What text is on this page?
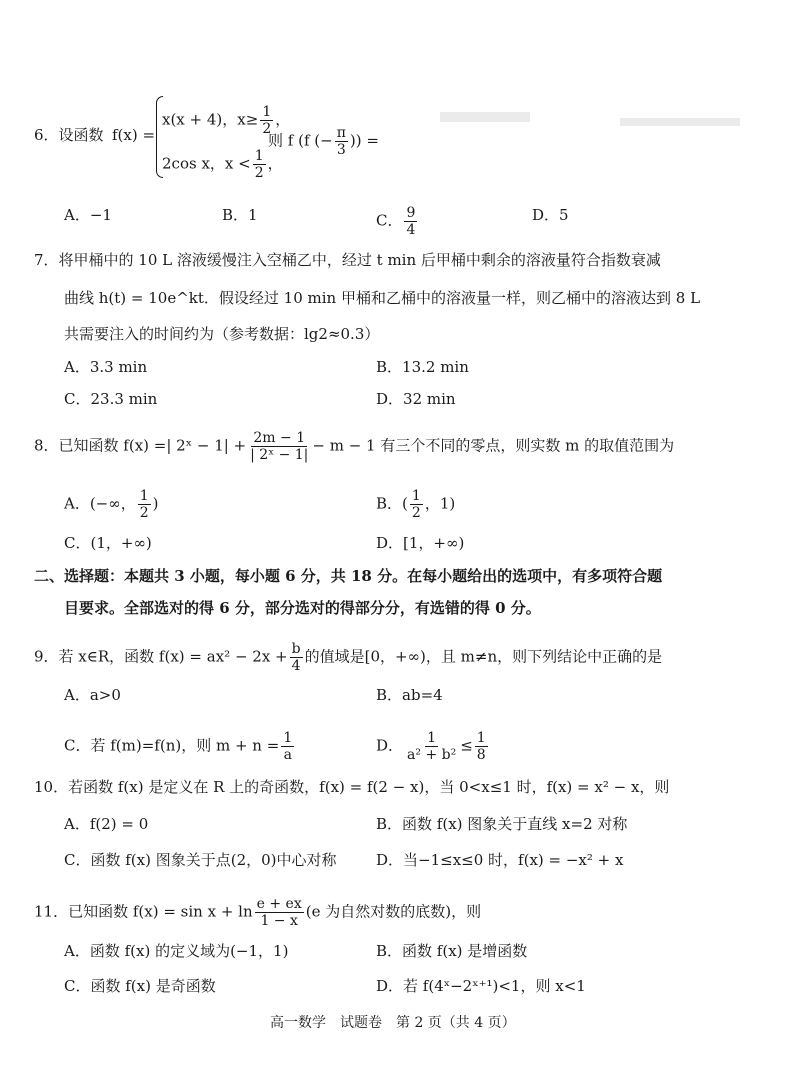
6．设函数 f(x) =
x(x + 4)，$x\ge \frac{1}{2}$ ，
2cos x，$x < \frac{1}{2}$ ，
则 f (f (− $\frac{\pi}{3}$ )) =
A．−1	B．1	C． $\frac{9}{4}$	D．5
7．将甲桶中的 10 L 溶液缓慢注入空桶乙中，经过 t min 后甲桶中剩余的溶液量符合指数衰减
曲线 h(t) = 10e^kt．假设经过 10 min 甲桶和乙桶中的溶液量一样，则乙桶中的溶液达到 8 L
共需要注入的时间约为（参考数据：lg2≈0.3）
A．3.3 min	B．13.2 min
C．23.3 min	D．32 min
8．已知函数 f(x) =| 2ˣ − $1| + \frac{2m - 1}{\text{| 2ˣ − 1|}} - m - 1$ 有三个不同的零点，则实数 m 的取值范围为
A．(−∞， $\frac{1}{2}$ )	B．( $\frac{1}{2}$ ，1)
C．(1，+∞)	D．[1，+∞)
二、选择题：本题共 3 小题，每小题 6 分，共 18 分。在每小题给出的选项中，有多项符合题
目要求。全部选对的得 6 分，部分选对的得部分分，有选错的得 0 分。
9．若 x∈R，函数 $f(x) = ax^2 - 2x + \frac{b}{4}$ 的值域是[0，+∞)，且 m≠n，则下列结论中正确的是
A．a>0	B．ab=4
C．若 f(m)=f(n)，则 $m + n = \frac{1}{a}$	D． $\frac{1}{\text{a² + b²}} \le \frac{1}{8}$
10．若函数 f(x) 是定义在 R 上的奇函数，f(x) = f(2 − x)，当 0<x≤1 时，f(x) = x² − x，则
A．f(2) = 0	B．函数 f(x) 图象关于直线 x=2 对称
C．函数 f(x) 图象关于点(2，0)中心对称	D．当−1≤x≤0 时，f(x) = −x² + x
11．已知函数 $f(x) = \sin x + \ln \frac{e + ex}{1 - x} (e$ 为自然对数的底数)，则
A．函数 f(x) 的定义域为(−1，1)	B．函数 f(x) 是增函数
C．函数 f(x) 是奇函数	D．若 f(4ˣ−2ˣ⁺¹)<1，则 x<1
高一数学　试题卷　第 2 页（共 4 页）
